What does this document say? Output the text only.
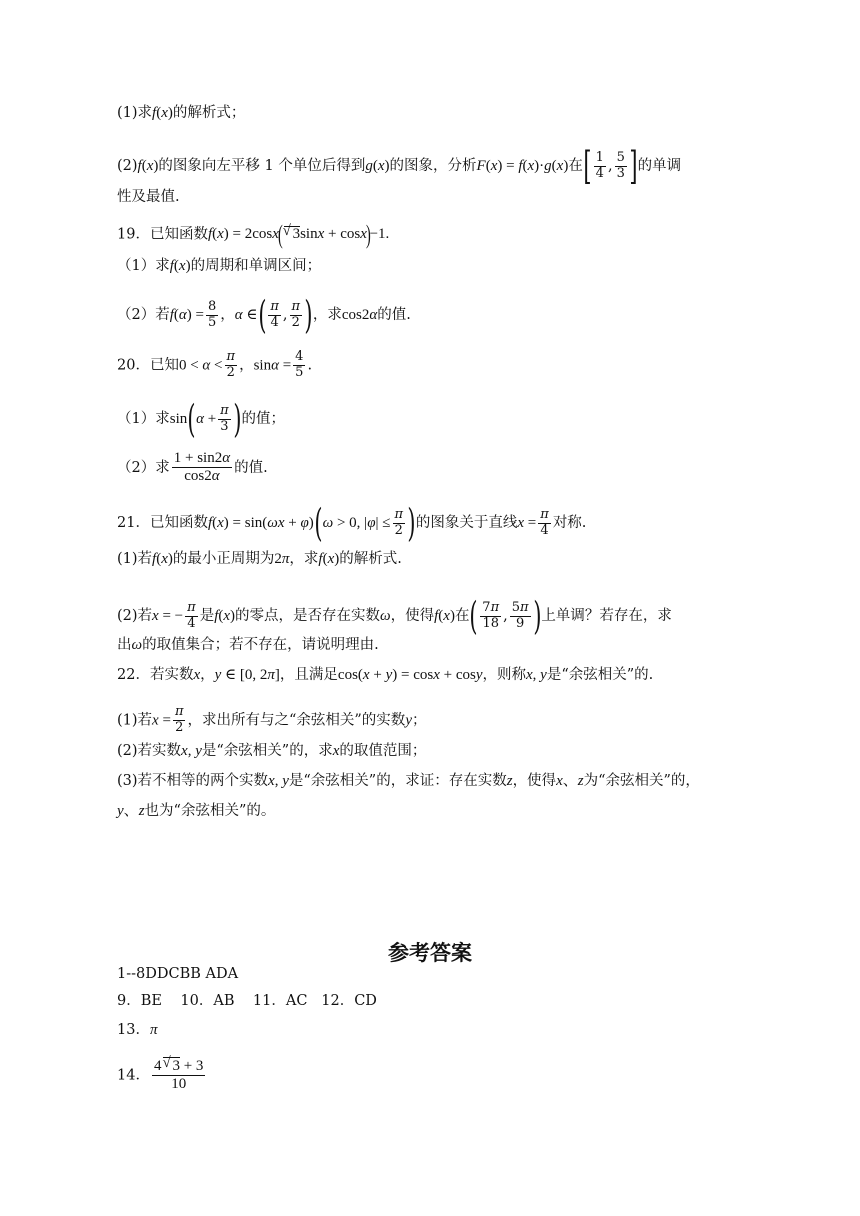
(1)求f(x)的解析式；
(2)f(x)的图象向左平移 1 个单位后得到g(x)的图象，分析F(x) = f(x)·g(x)在[ $\frac{1}{4}$ , $\frac{5}{3}$ ]的单调
性及最值.
19．已知函数f(x) = 2cosx( √ 3sinx + cosx)−1.
（1）求f(x)的周期和单调区间；
（2）若$f(\alpha) = \frac{8}{5}$ ，α ∈( $\frac{\pi}{4}$ , $\frac{\pi}{2}$ )，求cos2α的值.
20．已知$0 < \alpha < \frac{\pi}{2}$ ，$\sin\alpha = \frac{4}{5}$ .
（1）求$\sin(\alpha + \frac{\pi}{3}$ )的值；
（2）求 $\frac{1 + \sin 2\alpha}{\cos 2\alpha}$ 的值.
21．已知函数f(x) = sin(ωx + φ)(ω > 0, $|\varphi| \le \frac{\pi}{2}$ )的图象关于直线$x = \frac{\pi}{4}$ 对称.
(1)若f(x)的最小正周期为2π，求f(x)的解析式.
(2)若x = − $\frac{\pi}{4}$ 是f(x)的零点，是否存在实数ω，使得f(x)在( $\frac{7\pi}{18}$ , $\frac{5\pi}{9}$ )上单调？若存在，求
出ω的取值集合；若不存在，请说明理由.
22．若实数x，y ∈ [0, 2π]，且满足cos(x + y) = cosx + cosy，则称x, y是“余弦相关”的.
(1)若$x = \frac{\pi}{2}$ ，求出所有与之“余弦相关”的实数y；
(2)若实数x, y是“余弦相关”的，求x的取值范围；
(3)若不相等的两个实数x, y是“余弦相关”的，求证：存在实数z，使得x、z为“余弦相关”的，
y、z也为“余弦相关”的。
参考答案
1--8DDCBB ADA
9．BE    10．AB    11．AC   12．CD
13．π
14． $\frac{4 √ 3 + 3}{10}$
